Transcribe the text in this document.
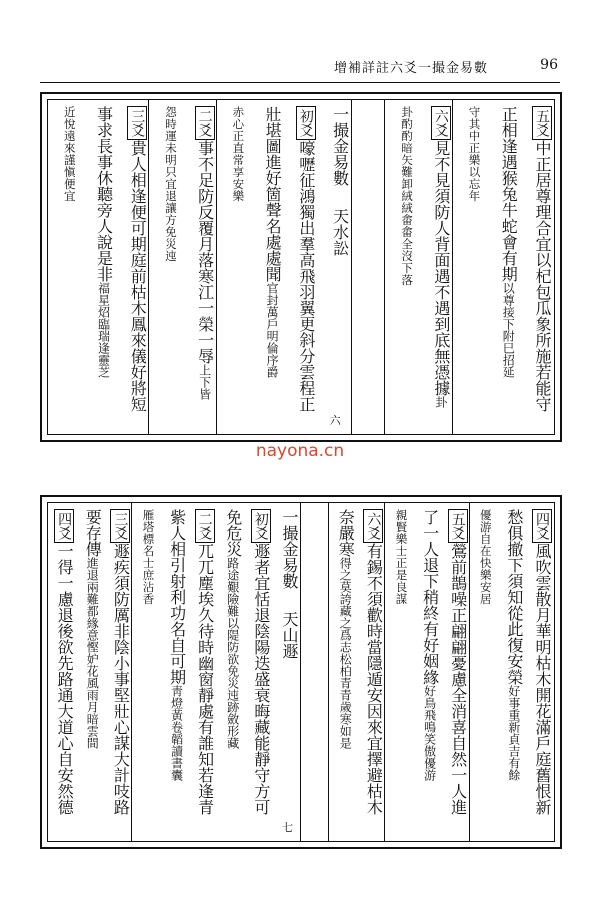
增補詳註六爻一撮金易數	96
五爻中正居尊理合宜以杞包瓜象所施若能守
正相逢遇猴兔牛蛇會有期以尊接下附巳招延
守其中正樂以忘年
六爻見不見須防人背面遇不遇到底無憑據卦
卦酌酌暗矢難卸絨絨畬畬全沒下落
一撮金易數天水訟
六
初爻嚎嚦征鴻獨出羣高飛羽翼更斜分雲程正
壯堪圖進好箇聲名處處聞官封萬戶明倫序爵
赤心正直常享安樂
二爻事不足防反覆月落寒江一榮一辱上下皆
怨時運未明只宜退讓方免災迍
三爻貴人相逢便可期庭前枯木鳳來儀好將短
事求長事休聽旁人說是非福星炤臨瑞逢靈芝
近悅遠來謹愼便宜
nayona.cn
四爻風吹雲散月華明枯木開花滿戶庭舊恨新
愁俱撤下須知從此復安榮好事重新貞吉有餘
優游自在快樂安居
五爻鶯前鵲噪正翩翩憂慮全消喜自然一人進
了一人退下稍終有好姻緣好鳥飛鳴笑傲優游
親賢樂士正是良謀
六爻有錫不須歡時當隱遁安因來宜擇避枯木
奈嚴寒得之莫誇藏之爲志松柏青青歲寒如是
一撮金易數天山遯
七
初爻遯者宜恬退陰陽迭盛衰晦藏能靜守方可
免危災路途艱險難以隄防欲免災迍跡斂形藏
二爻兀兀塵埃久待時幽窗靜處有誰知若逢青
紫人相引射利功名自可期靑燈黃卷韜讀書囊
雁塔標名士庶沾香
三爻遯疾須防厲非陰小事堅壯心謀大計吱路
要存傳進退兩難都緣意慳妒花風雨月暗雲間
四爻一得一慮退後欲先路通大道心自安然德
